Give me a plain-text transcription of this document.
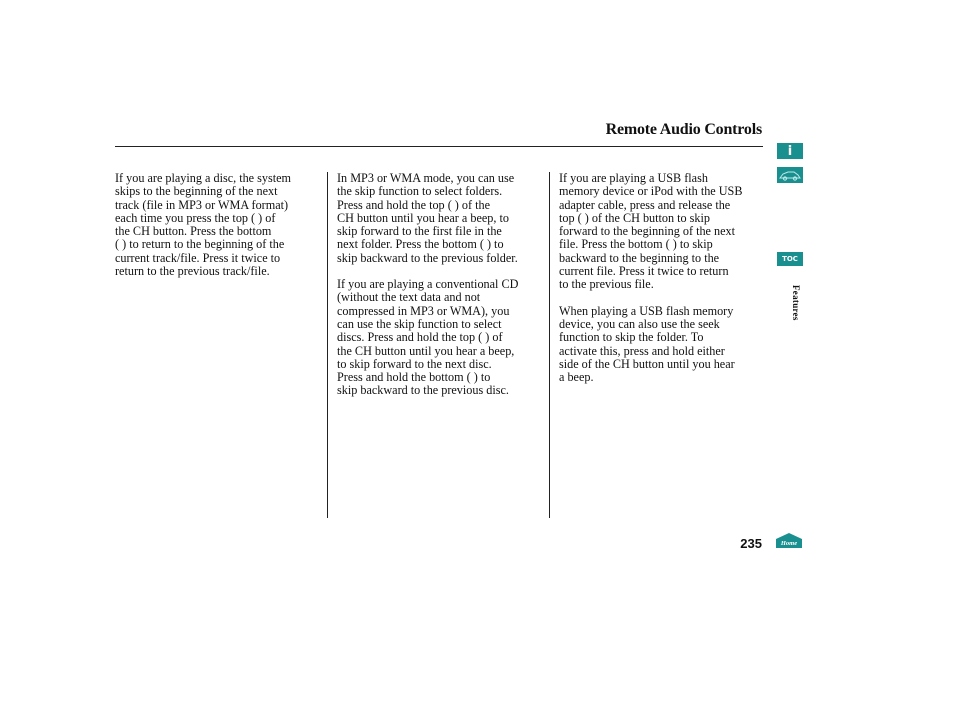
Remote Audio Controls

If you are playing a disc, the system
skips to the beginning of the next
track (file in MP3 or WMA format)
each time you press the top ( ) of
the CH button. Press the bottom
( ) to return to the beginning of the
current track/file. Press it twice to
return to the previous track/file.

In MP3 or WMA mode, you can use
the skip function to select folders.
Press and hold the top ( ) of the
CH button until you hear a beep, to
skip forward to the first file in the
next folder. Press the bottom ( ) to
skip backward to the previous folder.

If you are playing a conventional CD
(without the text data and not
compressed in MP3 or WMA), you
can use the skip function to select
discs. Press and hold the top ( ) of
the CH button until you hear a beep,
to skip forward to the next disc.
Press and hold the bottom ( ) to
skip backward to the previous disc.

If you are playing a USB flash
memory device or iPod with the USB
adapter cable, press and release the
top ( ) of the CH button to skip
forward to the beginning of the next
file. Press the bottom ( ) to skip
backward to the beginning to the
current file. Press it twice to return
to the previous file.

When playing a USB flash memory
device, you can also use the seek
function to skip the folder. To
activate this, press and hold either
side of the CH button until you hear
a beep.

i
TOC
Features
235	Home
